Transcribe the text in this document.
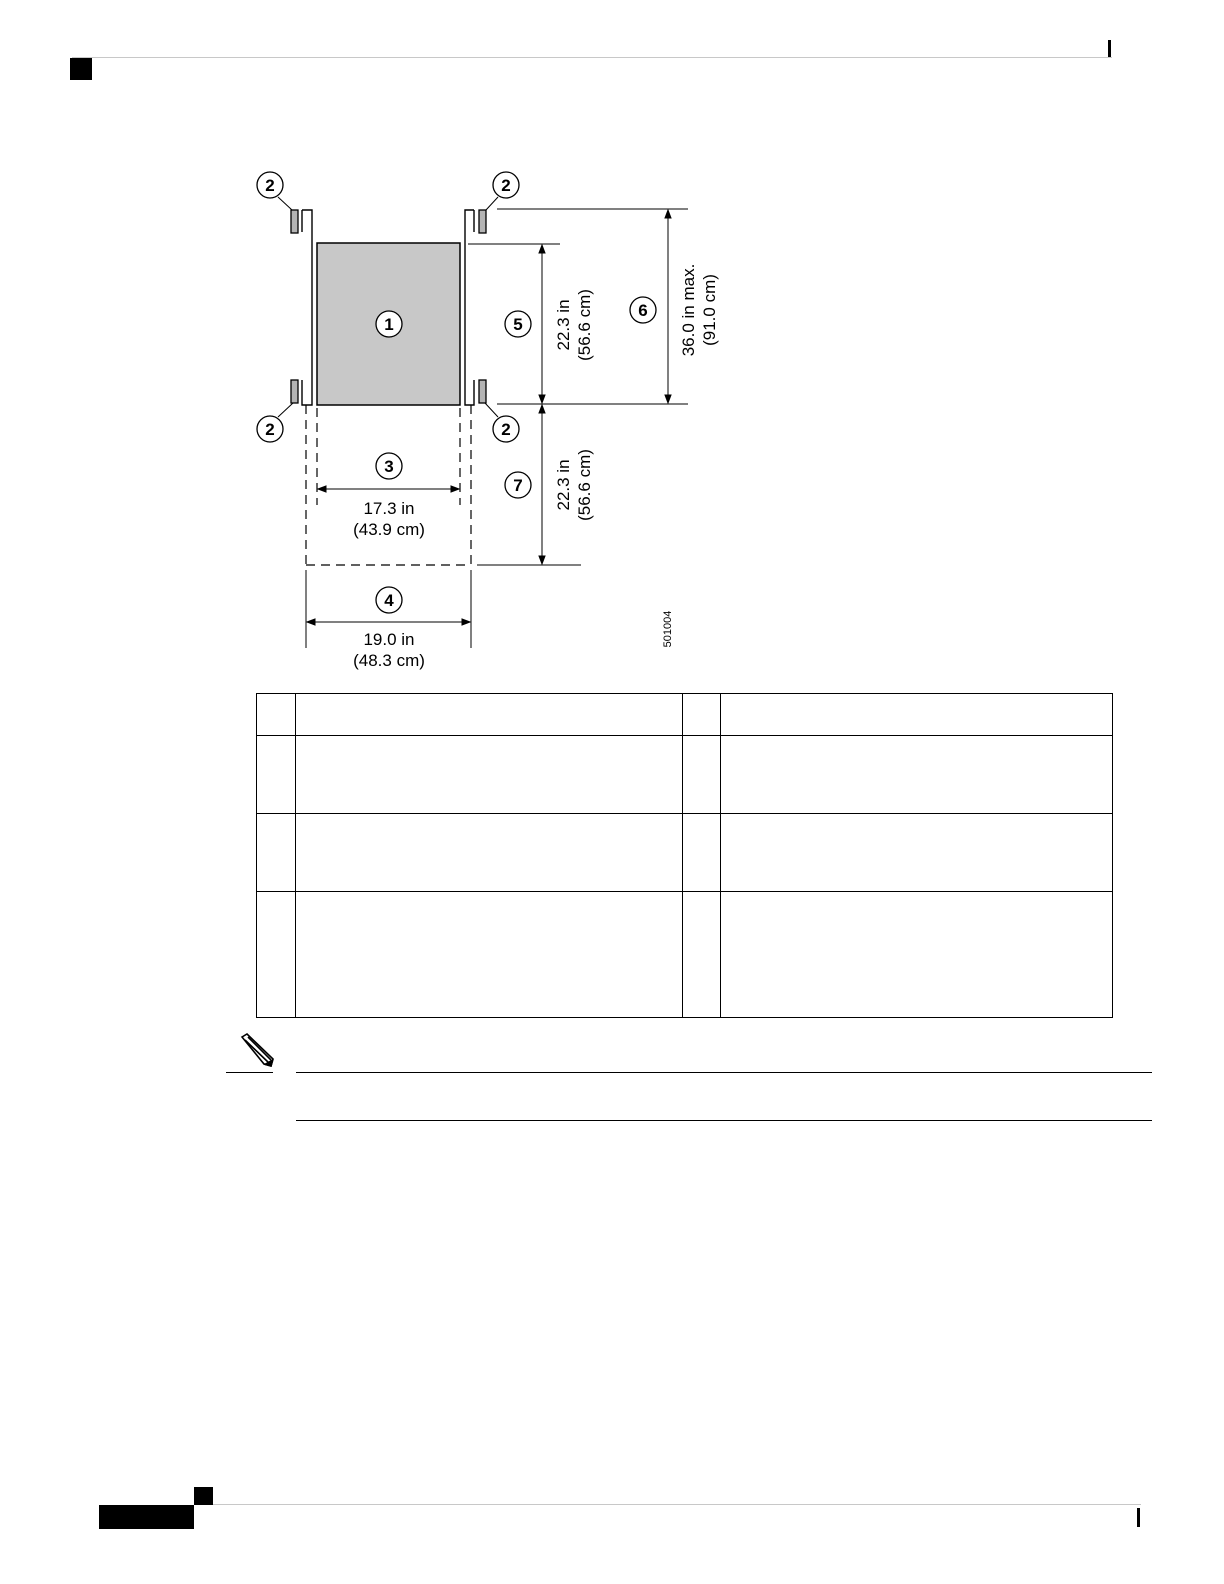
2	2
2	2
1
3
4
5
6
7
17.3 in
(43.9 cm)
19.0 in
(48.3 cm)
22.3 in (56.6 cm)
22.3 in (56.6 cm)
36.0 in max. (91.0 cm)
501004
